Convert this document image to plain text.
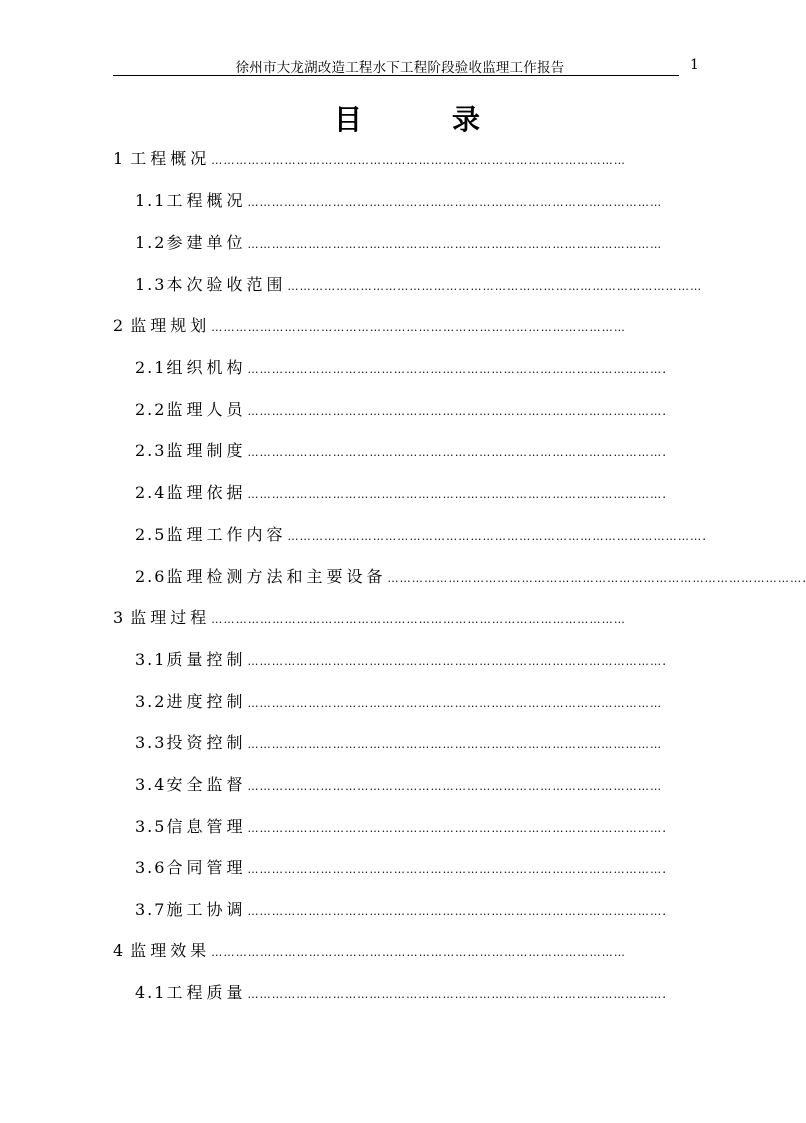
徐州市大龙湖改造工程水下工程阶段验收监理工作报告	1
目	录
1
工程概况 …………………………………………………………………………………………
1.1 工程概况 …………………………………………………………………………………………
1.2 参建单位 …………………………………………………………………………………………
1.3 本次验收范围 …………………………………………………………………………………………
2
监理规划 …………………………………………………………………………………………
2.1 组织机构 ………………………………………………………………………………………… .
2.2 监理人员 ………………………………………………………………………………………… .
2.3 监理制度 ………………………………………………………………………………………… .
2.4 监理依据 ………………………………………………………………………………………… .
2.5 监理工作内容 ………………………………………………………………………………………… .
2.6 监理检测方法和主要设备 ………………………………………………………………………………………… .
3
监理过程 …………………………………………………………………………………………
3.1 质量控制 ………………………………………………………………………………………… .
3.2 进度控制 …………………………………………………………………………………………
3.3 投资控制 …………………………………………………………………………………………
3.4 安全监督 …………………………………………………………………………………………
3.5 信息管理 ………………………………………………………………………………………… .
3.6 合同管理 ………………………………………………………………………………………… .
3.7 施工协调 ………………………………………………………………………………………… .
4
监理效果 …………………………………………………………………………………………
4.1 工程质量 ………………………………………………………………………………………… .
